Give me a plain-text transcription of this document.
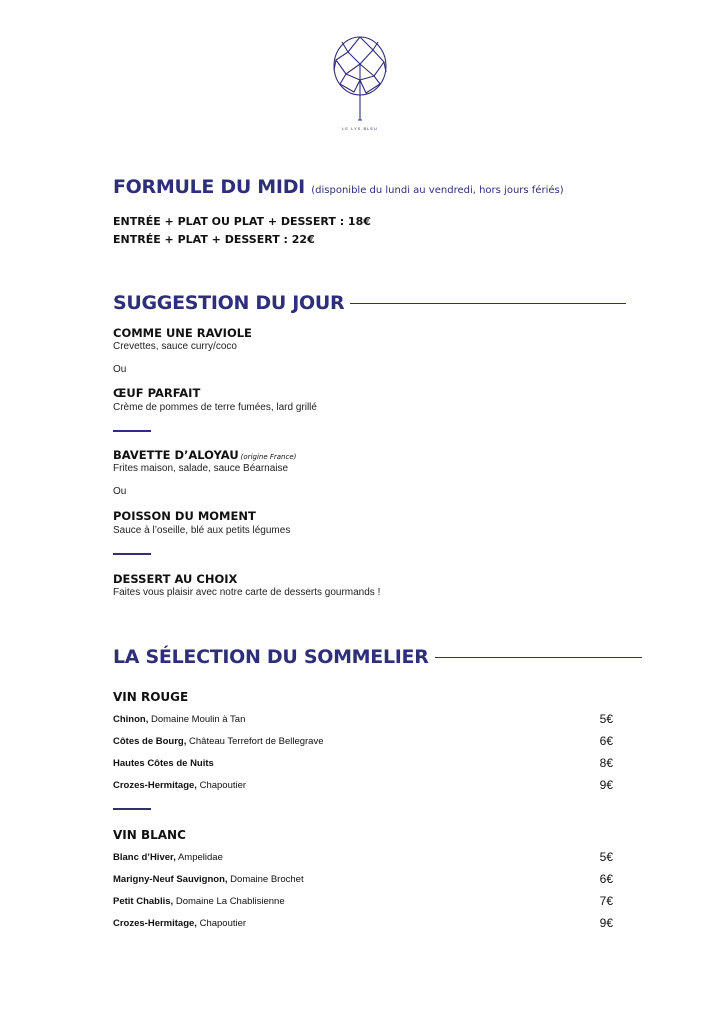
LE LYS BLEU
FORMULE DU MIDI (disponible du lundi au vendredi, hors jours fériés)
ENTRÉE + PLAT OU PLAT + DESSERT : 18€
ENTRÉE + PLAT + DESSERT : 22€
SUGGESTION DU JOUR
COMME UNE RAVIOLE
Crevettes, sauce curry/coco
Ou
ŒUF PARFAIT
Crème de pommes de terre fumées, lard grillé
BAVETTE D’ALOYAU (origine France)
Frites maison, salade, sauce Béarnaise
Ou
POISSON DU MOMENT
Sauce à l’oseille, blé aux petits légumes
DESSERT AU CHOIX
Faites vous plaisir avec notre carte de desserts gourmands !
LA SÉLECTION DU SOMMELIER
VIN ROUGE
Chinon, Domaine Moulin à Tan	5€
Côtes de Bourg, Château Terrefort de Bellegrave	6€
Hautes Côtes de Nuits	8€
Crozes-Hermitage, Chapoutier	9€
VIN BLANC
Blanc d’Hiver, Ampelidae	5€
Marigny-Neuf Sauvignon, Domaine Brochet	6€
Petit Chablis, Domaine La Chablisienne	7€
Crozes-Hermitage, Chapoutier	9€
